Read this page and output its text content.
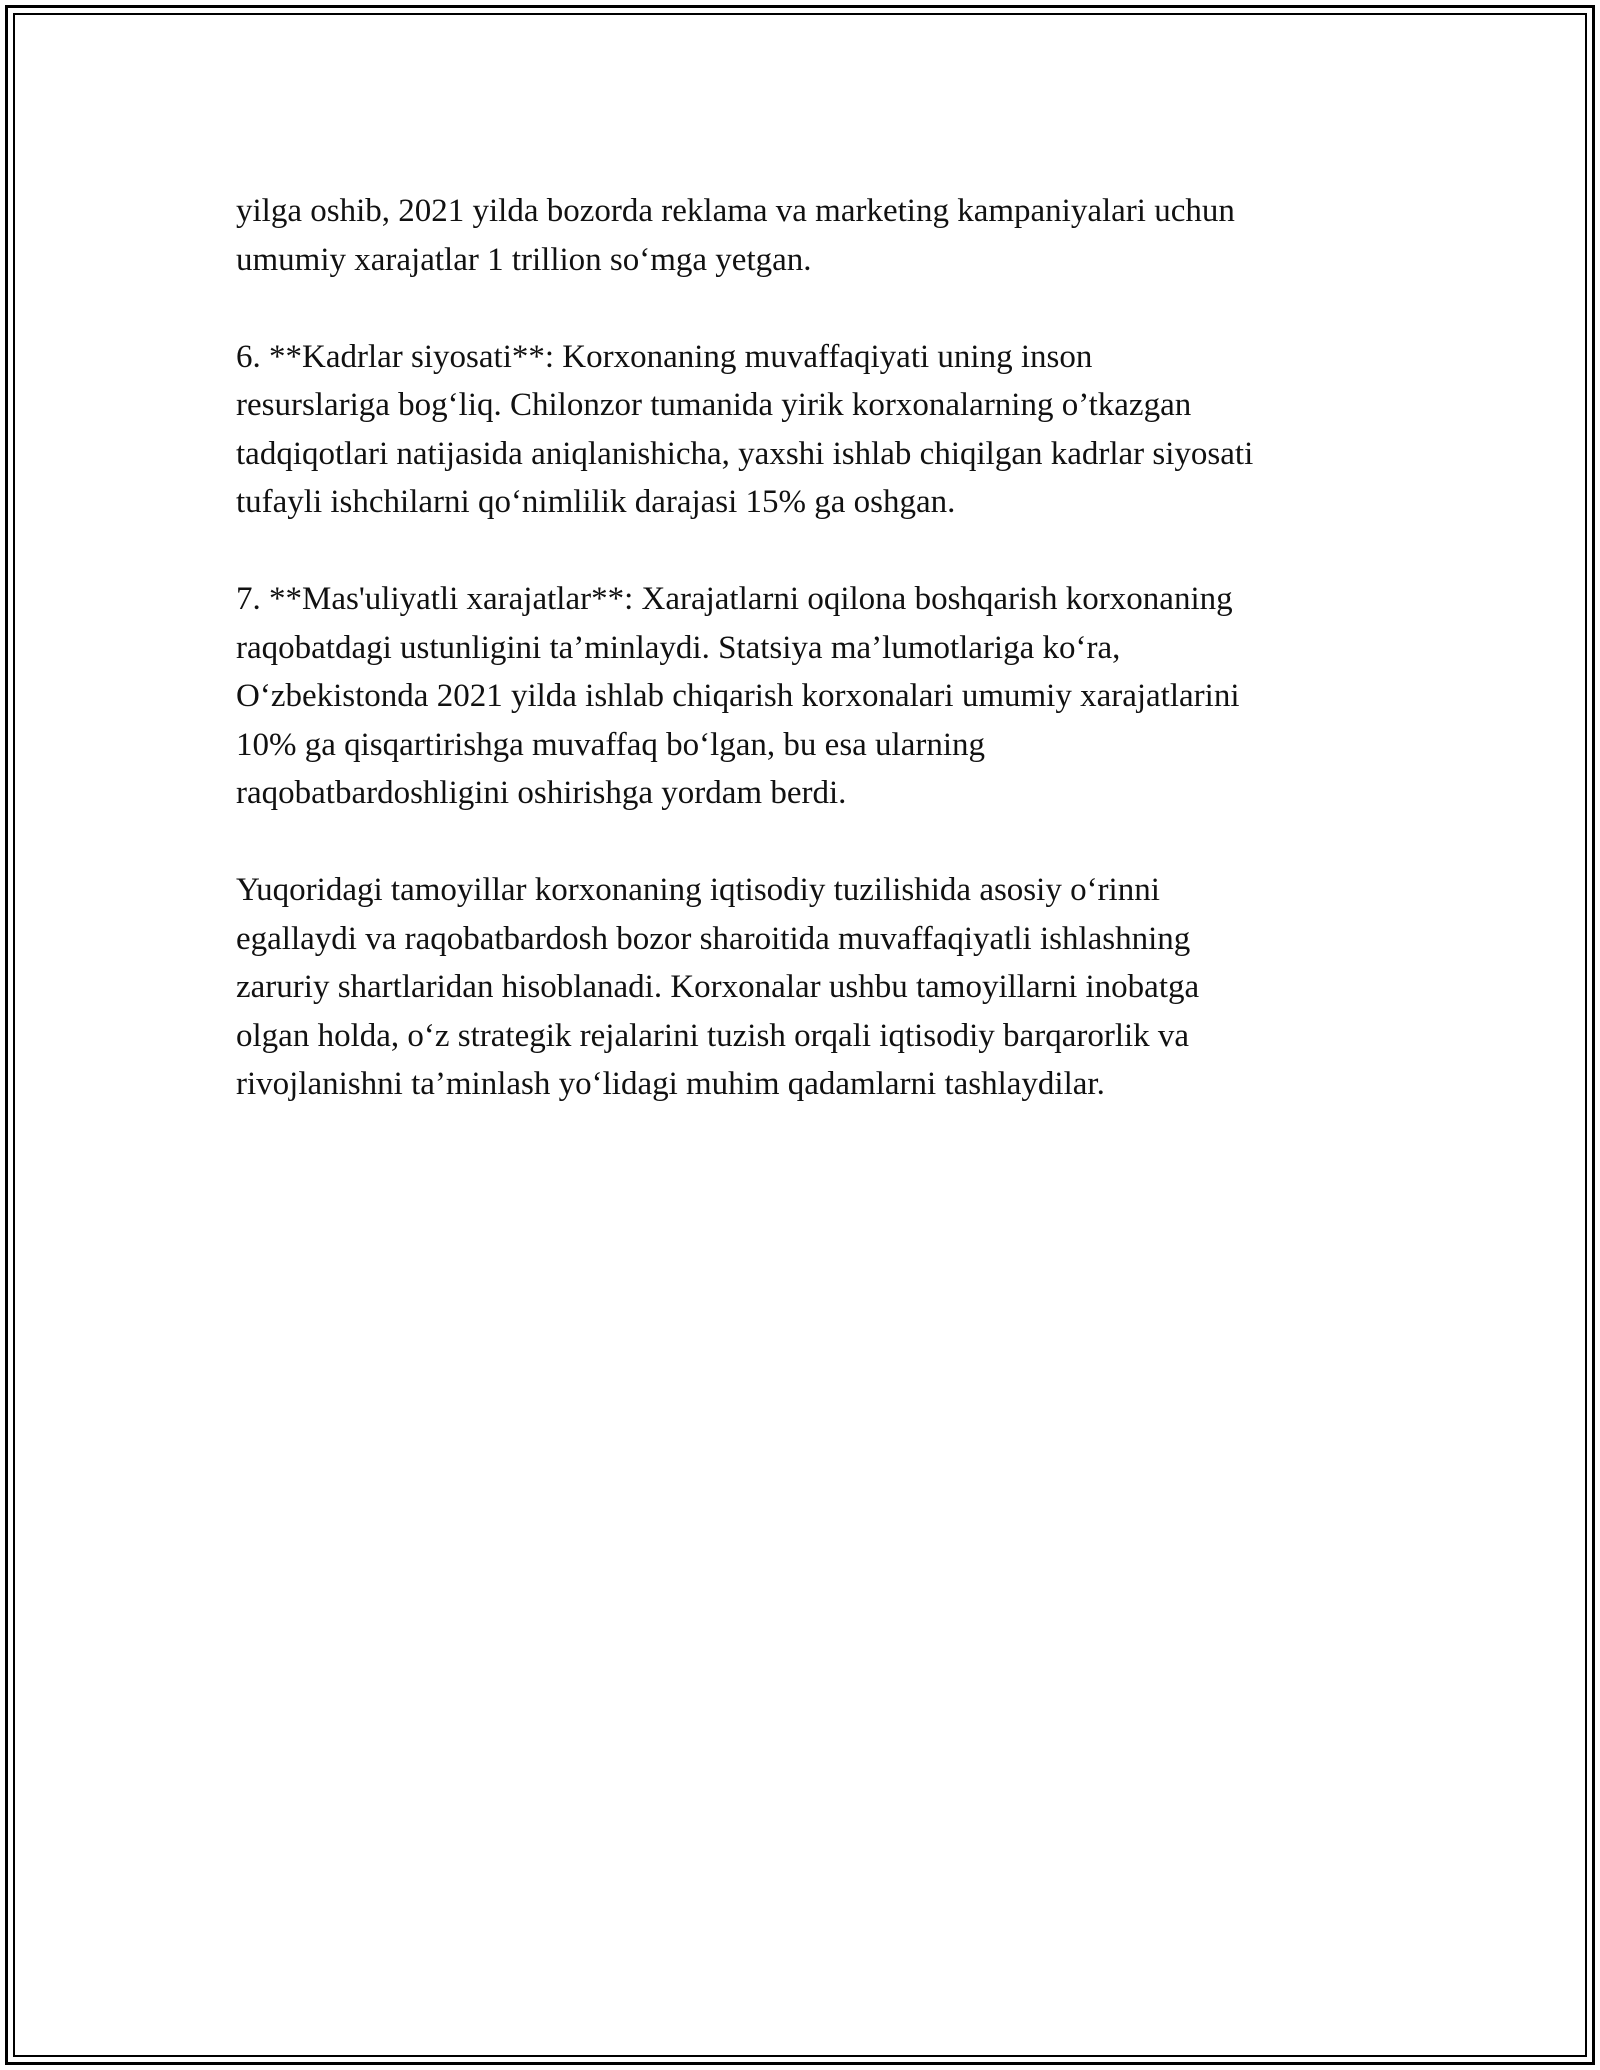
yilga oshib, 2021 yilda bozorda reklama va marketing kampaniyalari uchun
umumiy xarajatlar 1 trillion so‘mga yetgan.

6. **Kadrlar siyosati**: Korxonaning muvaffaqiyati uning inson
resurslariga bog‘liq. Chilonzor tumanida yirik korxonalarning o’tkazgan
tadqiqotlari natijasida aniqlanishicha, yaxshi ishlab chiqilgan kadrlar siyosati
tufayli ishchilarni qo‘nimlilik darajasi 15% ga oshgan.

7. **Mas'uliyatli xarajatlar**: Xarajatlarni oqilona boshqarish korxonaning
raqobatdagi ustunligini ta’minlaydi. Statsiya ma’lumotlariga ko‘ra,
O‘zbekistonda 2021 yilda ishlab chiqarish korxonalari umumiy xarajatlarini
10% ga qisqartirishga muvaffaq bo‘lgan, bu esa ularning
raqobatbardoshligini oshirishga yordam berdi.

Yuqoridagi tamoyillar korxonaning iqtisodiy tuzilishida asosiy o‘rinni
egallaydi va raqobatbardosh bozor sharoitida muvaffaqiyatli ishlashning
zaruriy shartlaridan hisoblanadi. Korxonalar ushbu tamoyillarni inobatga
olgan holda, o‘z strategik rejalarini tuzish orqali iqtisodiy barqarorlik va
rivojlanishni ta’minlash yo‘lidagi muhim qadamlarni tashlaydilar.
